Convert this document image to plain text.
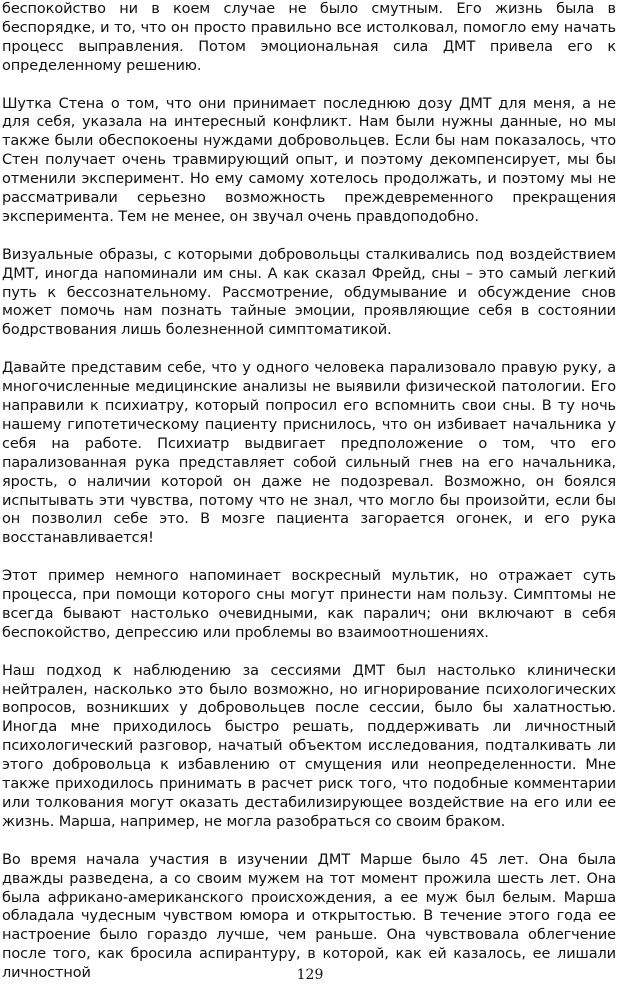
беспокойство ни в коем случае не было смутным. Его жизнь была в беспорядке, и то, что он просто правильно все истолковал, помогло ему начать процесс выправления. Потом эмоциональная сила ДМТ привела его к определенному решению.

Шутка Стена о том, что они принимает последнюю дозу ДМТ для меня, а не для себя, указала на интересный конфликт. Нам были нужны данные, но мы также были обеспокоены нуждами добровольцев. Если бы нам показалось, что Стен получает очень травмирующий опыт, и поэтому декомпенсирует, мы бы отменили эксперимент. Но ему самому хотелось продолжать, и поэтому мы не рассматривали серьезно возможность преждевременного прекращения эксперимента. Тем не менее, он звучал очень правдоподобно.

Визуальные образы, с которыми добровольцы сталкивались под воздействием ДМТ, иногда напоминали им сны. А как сказал Фрейд, сны – это самый легкий путь к бессознательному. Рассмотрение, обдумывание и обсуждение снов может помочь нам познать тайные эмоции, проявляющие себя в состоянии бодрствования лишь болезненной симптоматикой.

Давайте представим себе, что у одного человека парализовало правую руку, а многочисленные медицинские анализы не выявили физической патологии. Его направили к психиатру, который попросил его вспомнить свои сны. В ту ночь нашему гипотетическому пациенту приснилось, что он избивает начальника у себя на работе. Психиатр выдвигает предположение о том, что его парализованная рука представляет собой сильный гнев на его начальника, ярость, о наличии которой он даже не подозревал. Возможно, он боялся испытывать эти чувства, потому что не знал, что могло бы произойти, если бы он позволил себе это. В мозге пациента загорается огонек, и его рука восстанавливается!

Этот пример немного напоминает воскресный мультик, но отражает суть процесса, при помощи которого сны могут принести нам пользу. Симптомы не всегда бывают настолько очевидными, как паралич; они включают в себя беспокойство, депрессию или проблемы во взаимоотношениях.

Наш подход к наблюдению за сессиями ДМТ был настолько клинически нейтрален, насколько это было возможно, но игнорирование психологических вопросов, возникших у добровольцев после сессии, было бы халатностью. Иногда мне приходилось быстро решать, поддерживать ли личностный психологический разговор, начатый объектом исследования, подталкивать ли этого добровольца к избавлению от смущения или неопределенности. Мне также приходилось принимать в расчет риск того, что подобные комментарии или толкования могут оказать дестабилизирующее воздействие на его или ее жизнь. Марша, например, не могла разобраться со своим браком.

Во время начала участия в изучении ДМТ Марше было 45 лет. Она была дважды разведена, а со своим мужем на тот момент прожила шесть лет. Она была африкано-американского происхождения, а ее муж был белым. Марша обладала чудесным чувством юмора и открытостью. В течение этого года ее настроение было гораздо лучше, чем раньше. Она чувствовала облегчение после того, как бросила аспирантуру, в которой, как ей казалось, ее лишали личностной	129
